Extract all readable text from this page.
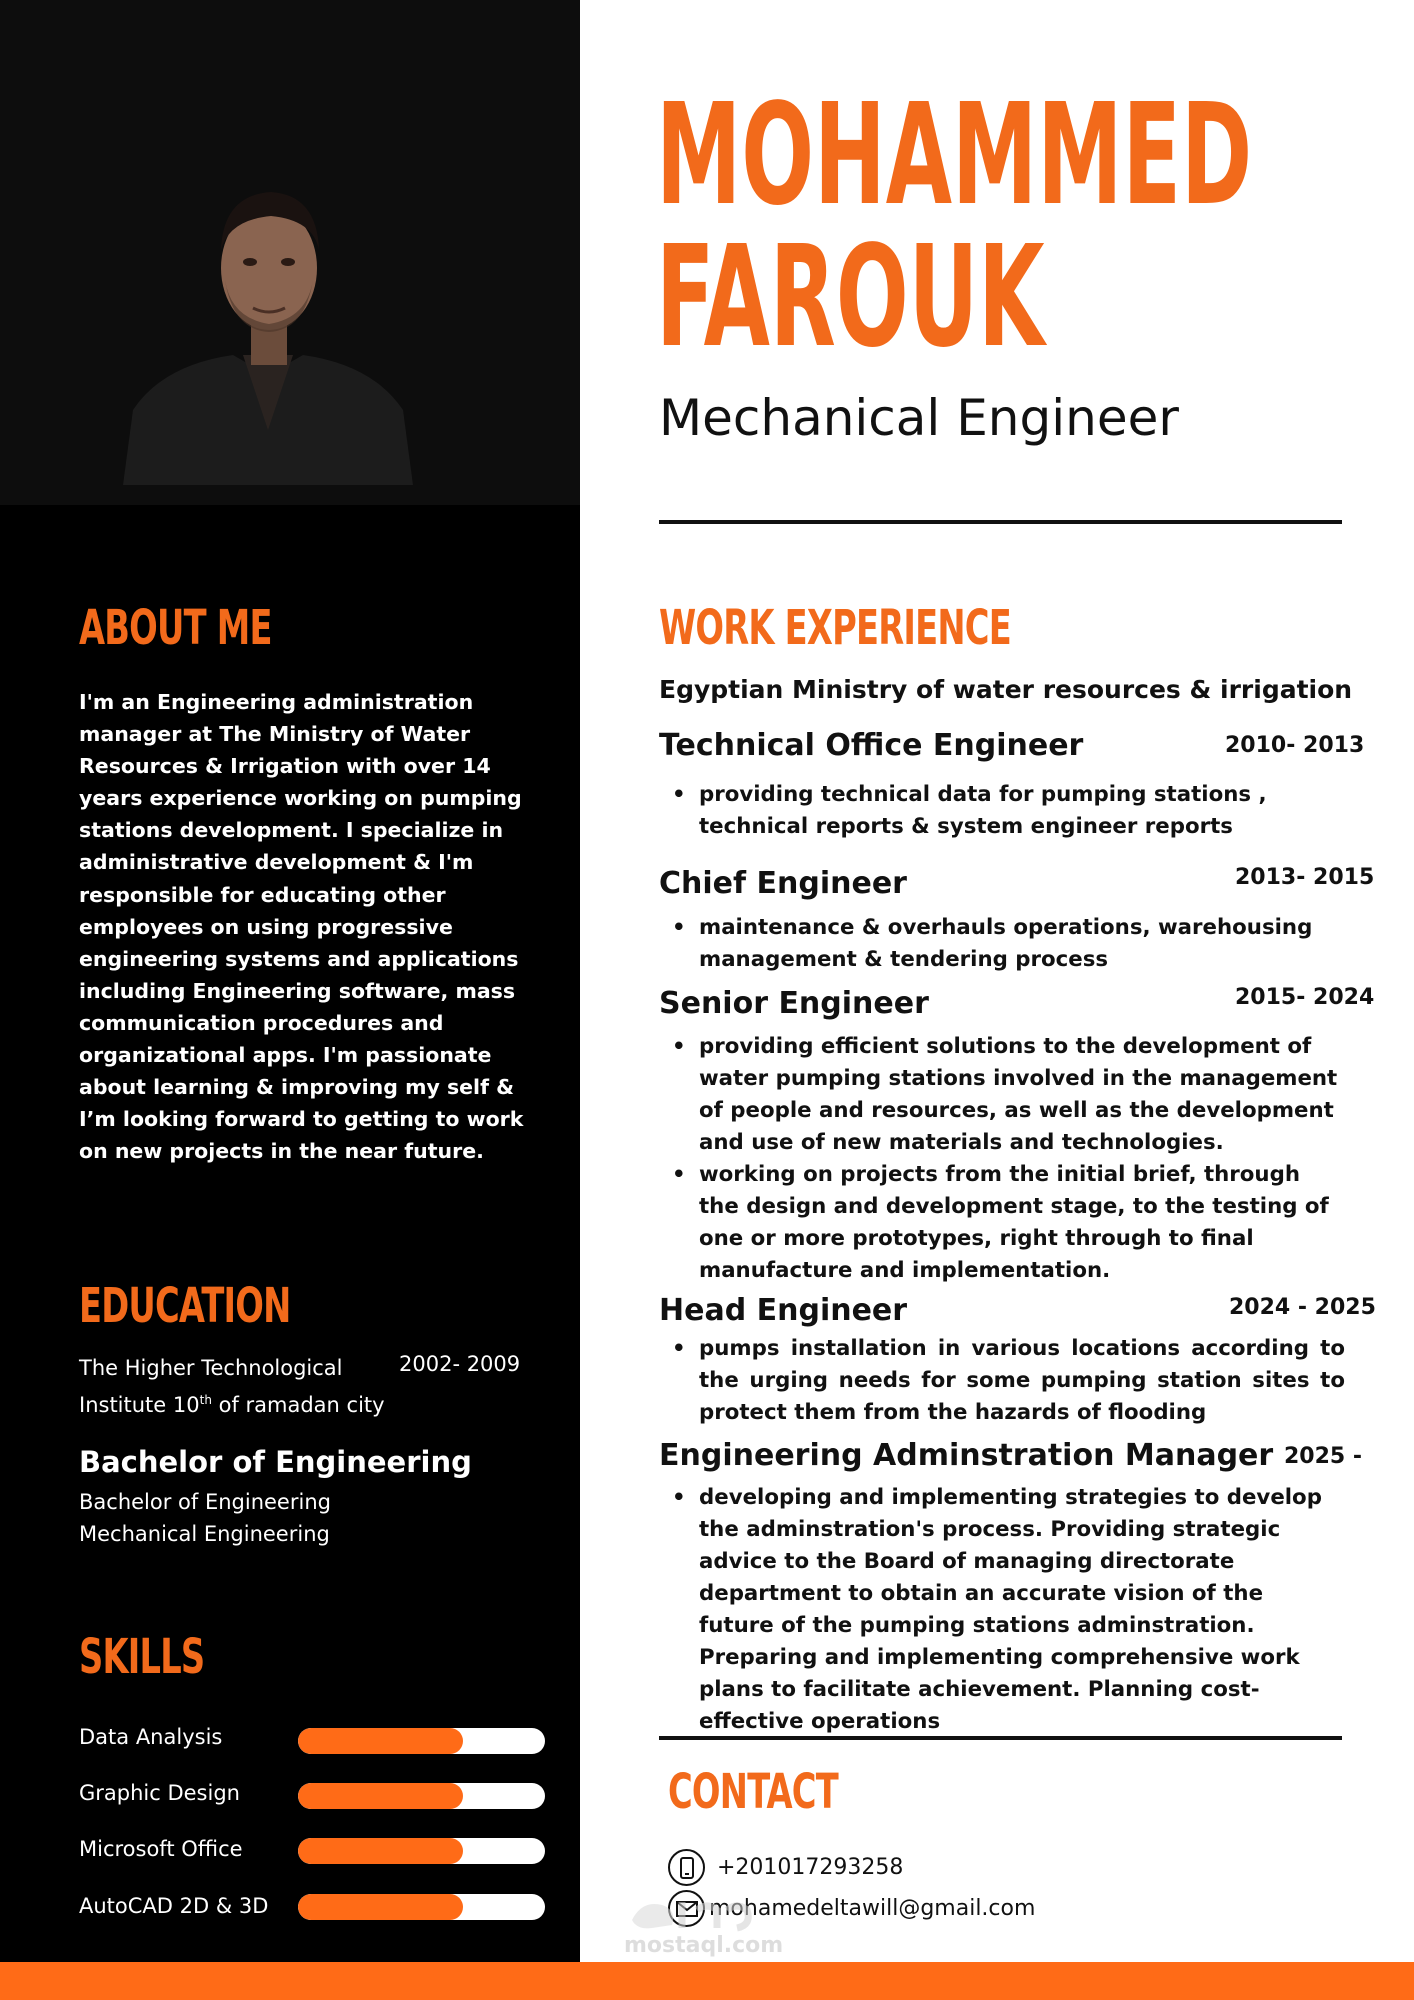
ABOUT ME
I'm an Engineering administration manager at The Ministry of Water Resources & Irrigation with over 14 years experience working on pumping stations development. I specialize in administrative development & I'm responsible for educating other employees on using progressive engineering systems and applications including Engineering software, mass communication procedures and organizational apps. I'm passionate about learning & improving my self & I’m looking forward to getting to work on new projects in the near future.
EDUCATION
The Higher Technological
Institute 10th of ramadan city
2002- 2009
Bachelor of Engineering
Bachelor of Engineering
Mechanical Engineering
SKILLS
Data Analysis
Graphic Design
Microsoft Office
AutoCAD 2D & 3D
MOHAMMED
FAROUK
Mechanical Engineer
WORK EXPERIENCE
Egyptian Ministry of water resources & irrigation
Technical Office Engineer	2010- 2013
• providing technical data for pumping stations , technical reports & system engineer reports
Chief Engineer	2013- 2015
• maintenance & overhauls operations, warehousing management & tendering process
Senior Engineer	2015- 2024
• providing efficient solutions to the development of water pumping stations involved in the management of people and resources, as well as the development and use of new materials and technologies.
• working on projects from the initial brief, through the design and development stage, to the testing of one or more prototypes, right through to final manufacture and implementation.
Head Engineer	2024 - 2025
• pumps installation in various locations according to the urging needs for some pumping station sites to protect them from the hazards of flooding
Engineering Adminstration Manager 2025 -
• developing and implementing strategies to develop the adminstration's process. Providing strategic advice to the Board of managing directorate department to obtain an accurate vision of the future of the pumping stations adminstration. Preparing and implementing comprehensive work plans to facilitate achievement. Planning cost-effective operations
CONTACT
+201017293258
mohamedeltawill@gmail.com
mostaql.com
